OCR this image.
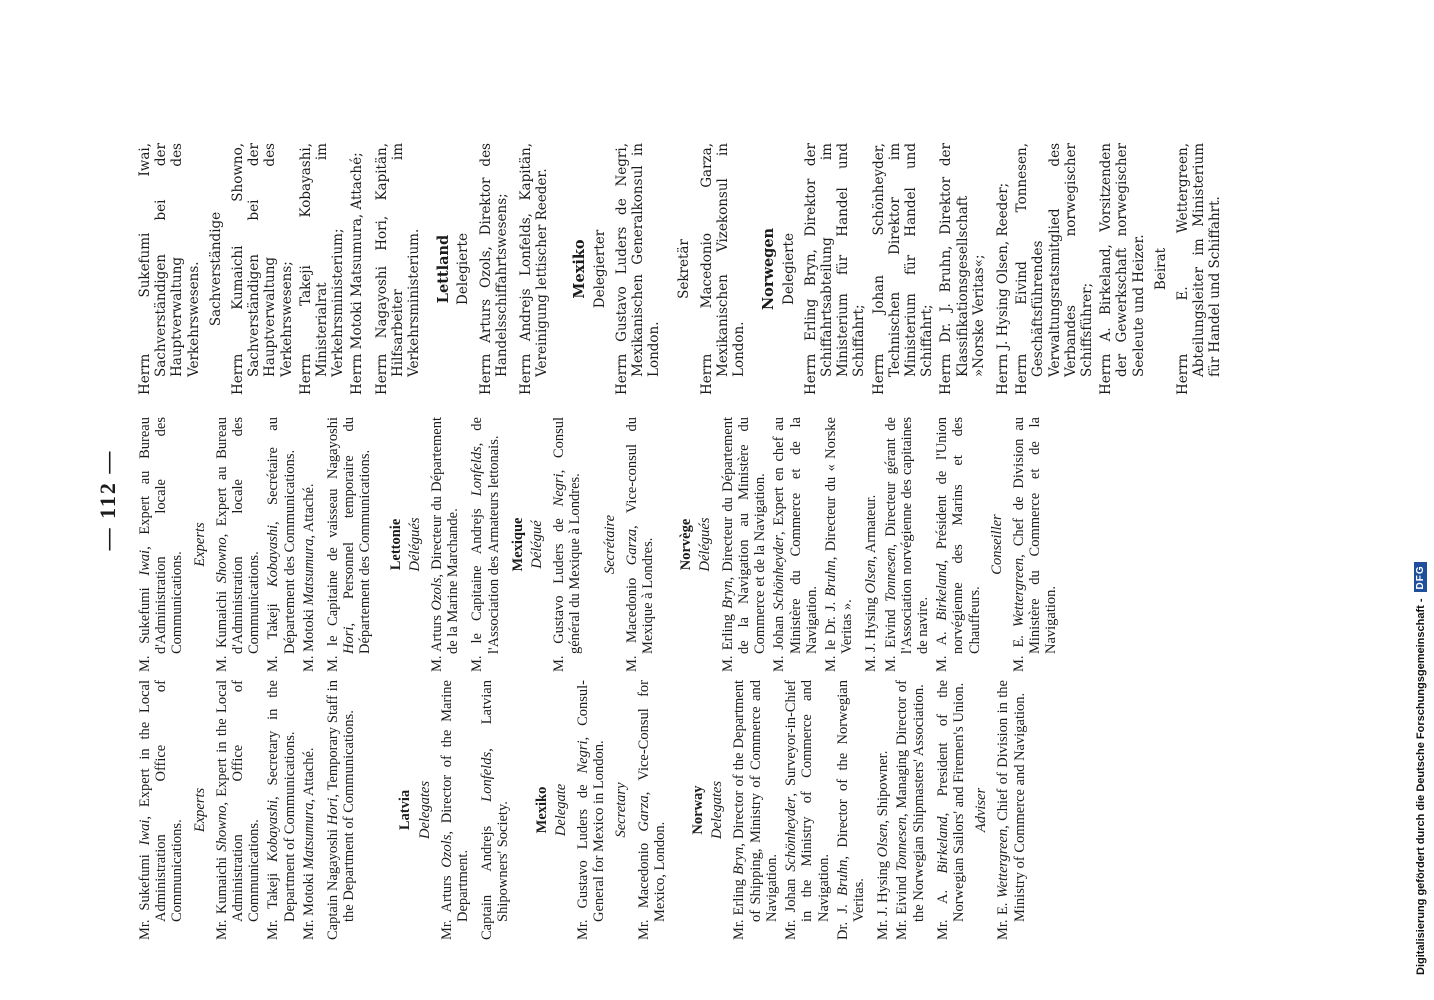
— 112 —

Mr. Sukefumi Iwai, Expert in the Local Administration Office of Communications.

Experts

Mr. Kumaichi Showno, Expert in the Local Administration Office of Communications. Mr. Takeji Kobayashi, Secretary in the Department of Communications. Mr. Motoki Matsumura, Attaché.

Captain Nagayoshi Hori, Temporary Staff in the Department of Communications.	Latvia Delegates

Mr. Arturs Ozols, Director of the Marine Department. Captain Andrejs Lonfelds, Latvian Shipowners' Society. Mexiko Delegate Mr. Gustavo Luders de Negri, Consul-General for Mexico in London. Secretary

Mr. Macedonio Garza, Vice-Consul for Mexico, London.

Norway Delegates

Mr. Erling Bryn, Director of the Department of Shipping, Ministry of Commerce and Navigation. Mr. Johan Schönheyder, Surveyor-in-Chief in the Ministry of Commerce and Navigation. Dr. J. Bruhn, Director of the Norwegian Veritas. Mr. J. Hysing Olsen, Shipowner.

Mr. Eivind Tonnesen, Managing Director of the Norwegian Shipmasters' Association. Mr. A. Birkeland, President of the Norwegian Sailors' and Firemen's Union. Adviser

Mr. E. Wettergreen, Chief of Division in the Ministry of Commerce and Navigation.

M. Sukefumi Iwai, Expert au Bureau d'Administration locale des Communications.

Experts

M. Kumaichi Showno, Expert au Bureau d'Administration locale des Communications. M. Takeji Kobayashi, Secrétaire au Département des Communications. M. Motoki Matsumura, Attaché. M. le Capitaine de vaisseau Nagayoshi Hori, Personnel temporaire du Département des Communications. Lettonie Délégués

M. Arturs Ozols, Directeur du Département de la Marine Marchande. M. le Capitaine Andrejs Lonfelds, de l'Association des Armateurs lettonais. Mexique Délégué M. Gustavo Luders de Negri, Consul général du Mexique à Londres. Secrétaire

M. Macedonio Garza, Vice-consul du Mexique à Londres. Norvège Délégués

M. Erling Bryn, Directeur du Département de la Navigation au Ministère du Commerce et de la Navigation. M. Johan Schönheyder, Expert en chef au Ministère du Commerce et de la Navigation. M. le Dr. J. Bruhn, Directeur du « Norske Veritas ». M. J. Hysing Olsen, Armateur.

M. Eivind Tonnesen, Directeur gérant de l'Association norvégienne des capitaines de navire. M. A. Birkeland, Président de l'Union norvégienne des Marins et des Chauffeurs.

Conseiller

M. E. Wettergreen, Chef de Division au Ministère du Commerce et de la Navigation.

Herrn Sukefumi Iwai, Sachverständigen bei der Hauptverwaltung des Verkehrswesens. Sachverständige Herrn Kumaichi Showno, Sachverständigen bei der Hauptverwaltung des Verkehrswesens; Herrn Takeji Kobayashi, Ministerialrat im Verkehrsministerium; Herrn Motoki Matsumura, Attaché; Herrn Nagayoshi Hori, Kapitän, Hilfsarbeiter im Verkehrsministerium. Lettland Delegierte Herrn Arturs Ozols, Direktor des Handelsschiffahrtswesens; Herrn Andrejs Lonfelds, Kapitän, Vereinigung lettischer Reeder. Mexiko Delegierter Herrn Gustavo Luders de Negri, Mexikanischen Generalkonsul in London.

Sekretär Herrn Macedonio Garza, Mexikanischen Vizekonsul in London.

Norwegen Delegierte Herrn Erling Bryn, Direktor der Schiffahrtsabteilung im Ministerium für Handel und Schiffahrt; Herrn Johan Schönheyder, Technischen Direktor im Ministerium für Handel und Schiffahrt; Herrn Dr. J. Bruhn, Direktor der Klassifikationsgesellschaft »Norske Veritas«; Herrn J. Hysing Olsen, Reeder; Herrn Eivind Tonnesen, Geschäftsführendes Verwaltungsratsmitglied des Verbandes norwegischer Schiffsführer; Herrn A. Birkeland, Vorsitzenden der Gewerkschaft norwegischer Seeleute und Heizer. Beirat Herrn E. Wettergreen, Abteilungsleiter im Ministerium für Handel und Schiffahrt.

Digitalisierung gefördert durch die Deutsche Forschungsgemeinschaft -
DFG
